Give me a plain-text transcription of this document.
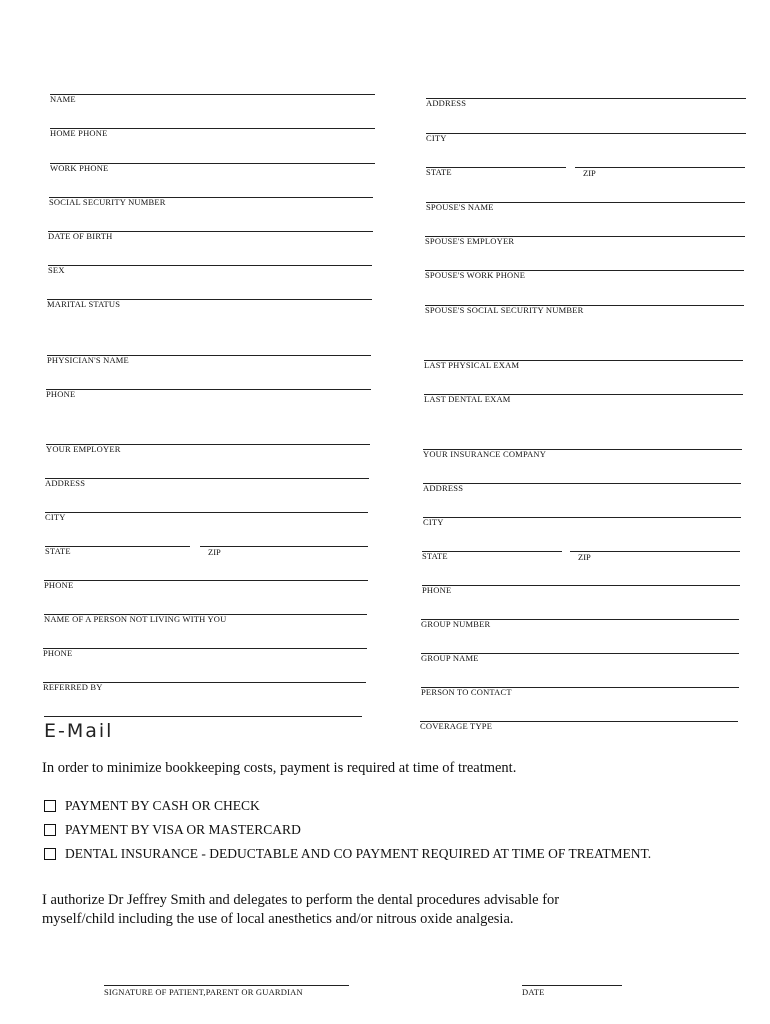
NAME
HOME PHONE
WORK PHONE
SOCIAL SECURITY NUMBER
DATE OF BIRTH
SEX
MARITAL STATUS
PHYSICIAN'S NAME
PHONE
YOUR EMPLOYER
ADDRESS
CITY
STATE	ZIP
PHONE
NAME OF A PERSON NOT LIVING WITH YOU
PHONE
REFERRED BY
E-Mail
ADDRESS
CITY
STATE	ZIP
SPOUSE'S NAME
SPOUSE'S EMPLOYER
SPOUSE'S WORK PHONE
SPOUSE'S SOCIAL SECURITY NUMBER
LAST PHYSICAL EXAM
LAST DENTAL EXAM
YOUR INSURANCE COMPANY
ADDRESS
CITY
STATE	ZIP
PHONE
GROUP NUMBER
GROUP NAME
PERSON TO CONTACT
COVERAGE TYPE
In order to minimize bookkeeping costs, payment is required at time of treatment.
PAYMENT BY CASH OR CHECK
PAYMENT BY VISA OR MASTERCARD
DENTAL INSURANCE - DEDUCTABLE AND CO PAYMENT REQUIRED AT TIME OF TREATMENT.
I authorize Dr Jeffrey Smith and delegates to perform the dental procedures advisable for
myself/child including the use of local anesthetics and/or nitrous oxide analgesia.
SIGNATURE OF PATIENT,PARENT OR GUARDIAN	DATE
